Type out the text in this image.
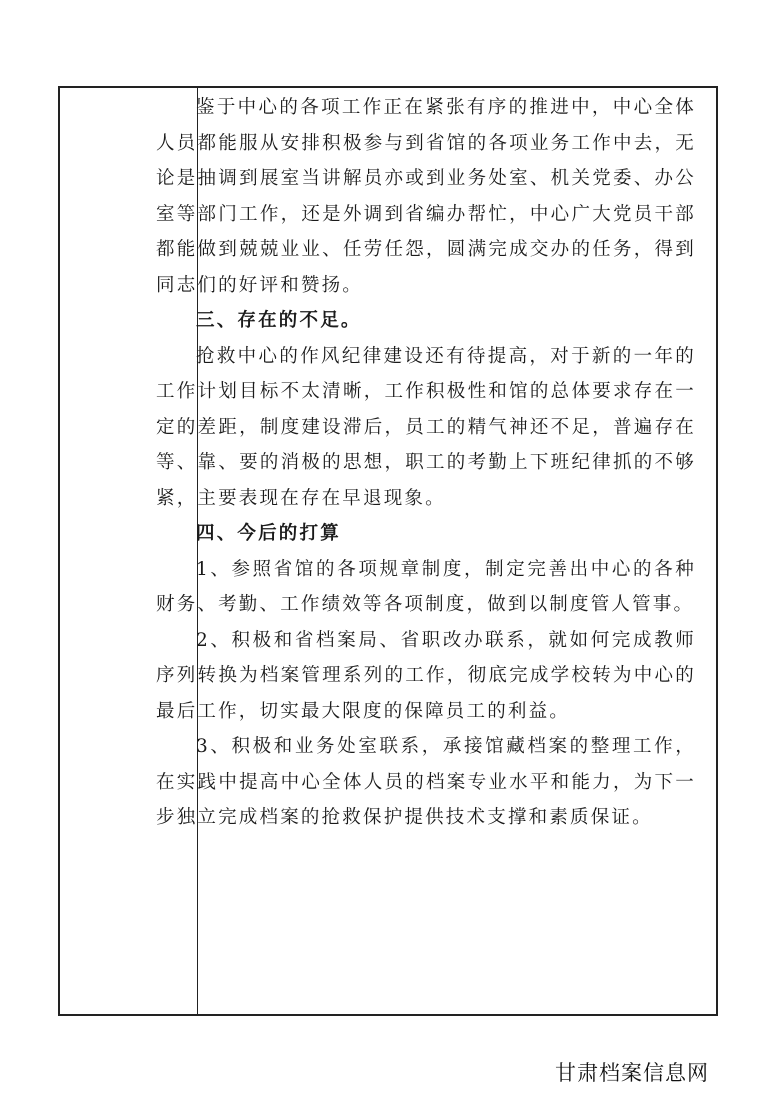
鉴于中心的各项工作正在紧张有序的推进中，中心全体人员都能服从安排积极参与到省馆的各项业务工作中去，无论是抽调到展室当讲解员亦或到业务处室、机关党委、办公室等部门工作，还是外调到省编办帮忙，中心广大党员干部都能做到兢兢业业、任劳任怨，圆满完成交办的任务，得到同志们的好评和赞扬。

三、存在的不足。

抢救中心的作风纪律建设还有待提高，对于新的一年的工作计划目标不太清晰，工作积极性和馆的总体要求存在一定的差距，制度建设滞后，员工的精气神还不足，普遍存在等、靠、要的消极的思想，职工的考勤上下班纪律抓的不够紧，主要表现在存在早退现象。

四、今后的打算

1、参照省馆的各项规章制度，制定完善出中心的各种财务、考勤、工作绩效等各项制度，做到以制度管人管事。

2、积极和省档案局、省职改办联系，就如何完成教师序列转换为档案管理系列的工作，彻底完成学校转为中心的最后工作，切实最大限度的保障员工的利益。

3、积极和业务处室联系，承接馆藏档案的整理工作，在实践中提高中心全体人员的档案专业水平和能力，为下一步独立完成档案的抢救保护提供技术支撑和素质保证。

甘肃档案信息网
